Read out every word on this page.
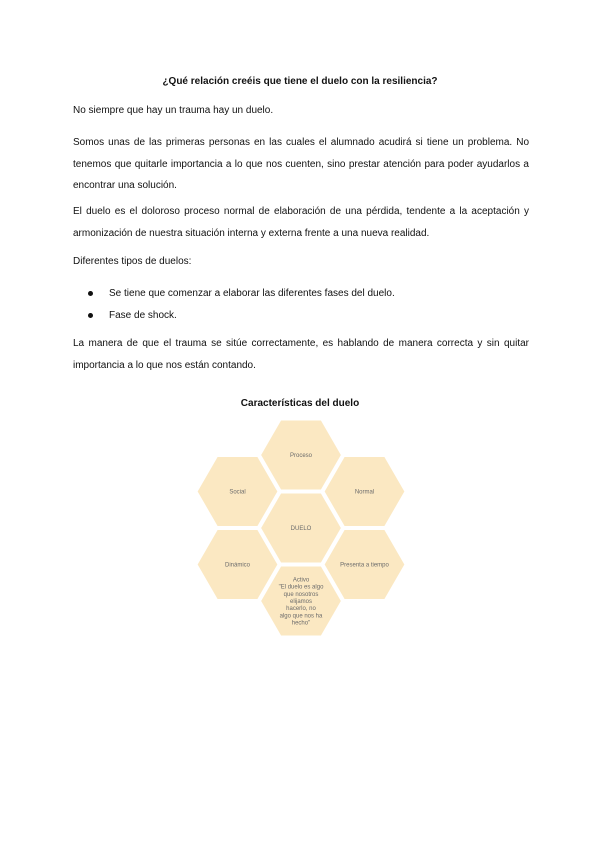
¿Qué relación creéis que tiene el duelo con la resiliencia?

No siempre que hay un trauma hay un duelo.

Somos unas de las primeras personas en las cuales el alumnado acudirá si tiene un problema. No tenemos que quitarle importancia a lo que nos cuenten, sino prestar atención para poder ayudarlos a encontrar una solución.

El duelo es el doloroso proceso normal de elaboración de una pérdida, tendente a la aceptación y armonización de nuestra situación interna y externa frente a una nueva realidad.

Diferentes tipos de duelos:

Se tiene que comenzar a elaborar las diferentes fases del duelo.
Fase de shock.

La manera de que el trauma se sitúe correctamente, es hablando de manera correcta y sin quitar importancia a lo que nos están contando.

Características del duelo
DUELO
Proceso
Normal
Presenta a tiempo
Activo
"El duelo es algo
que nosotros
elijamos
hacerlo, no
algo que nos ha
hecho"
Dinámico
Social
